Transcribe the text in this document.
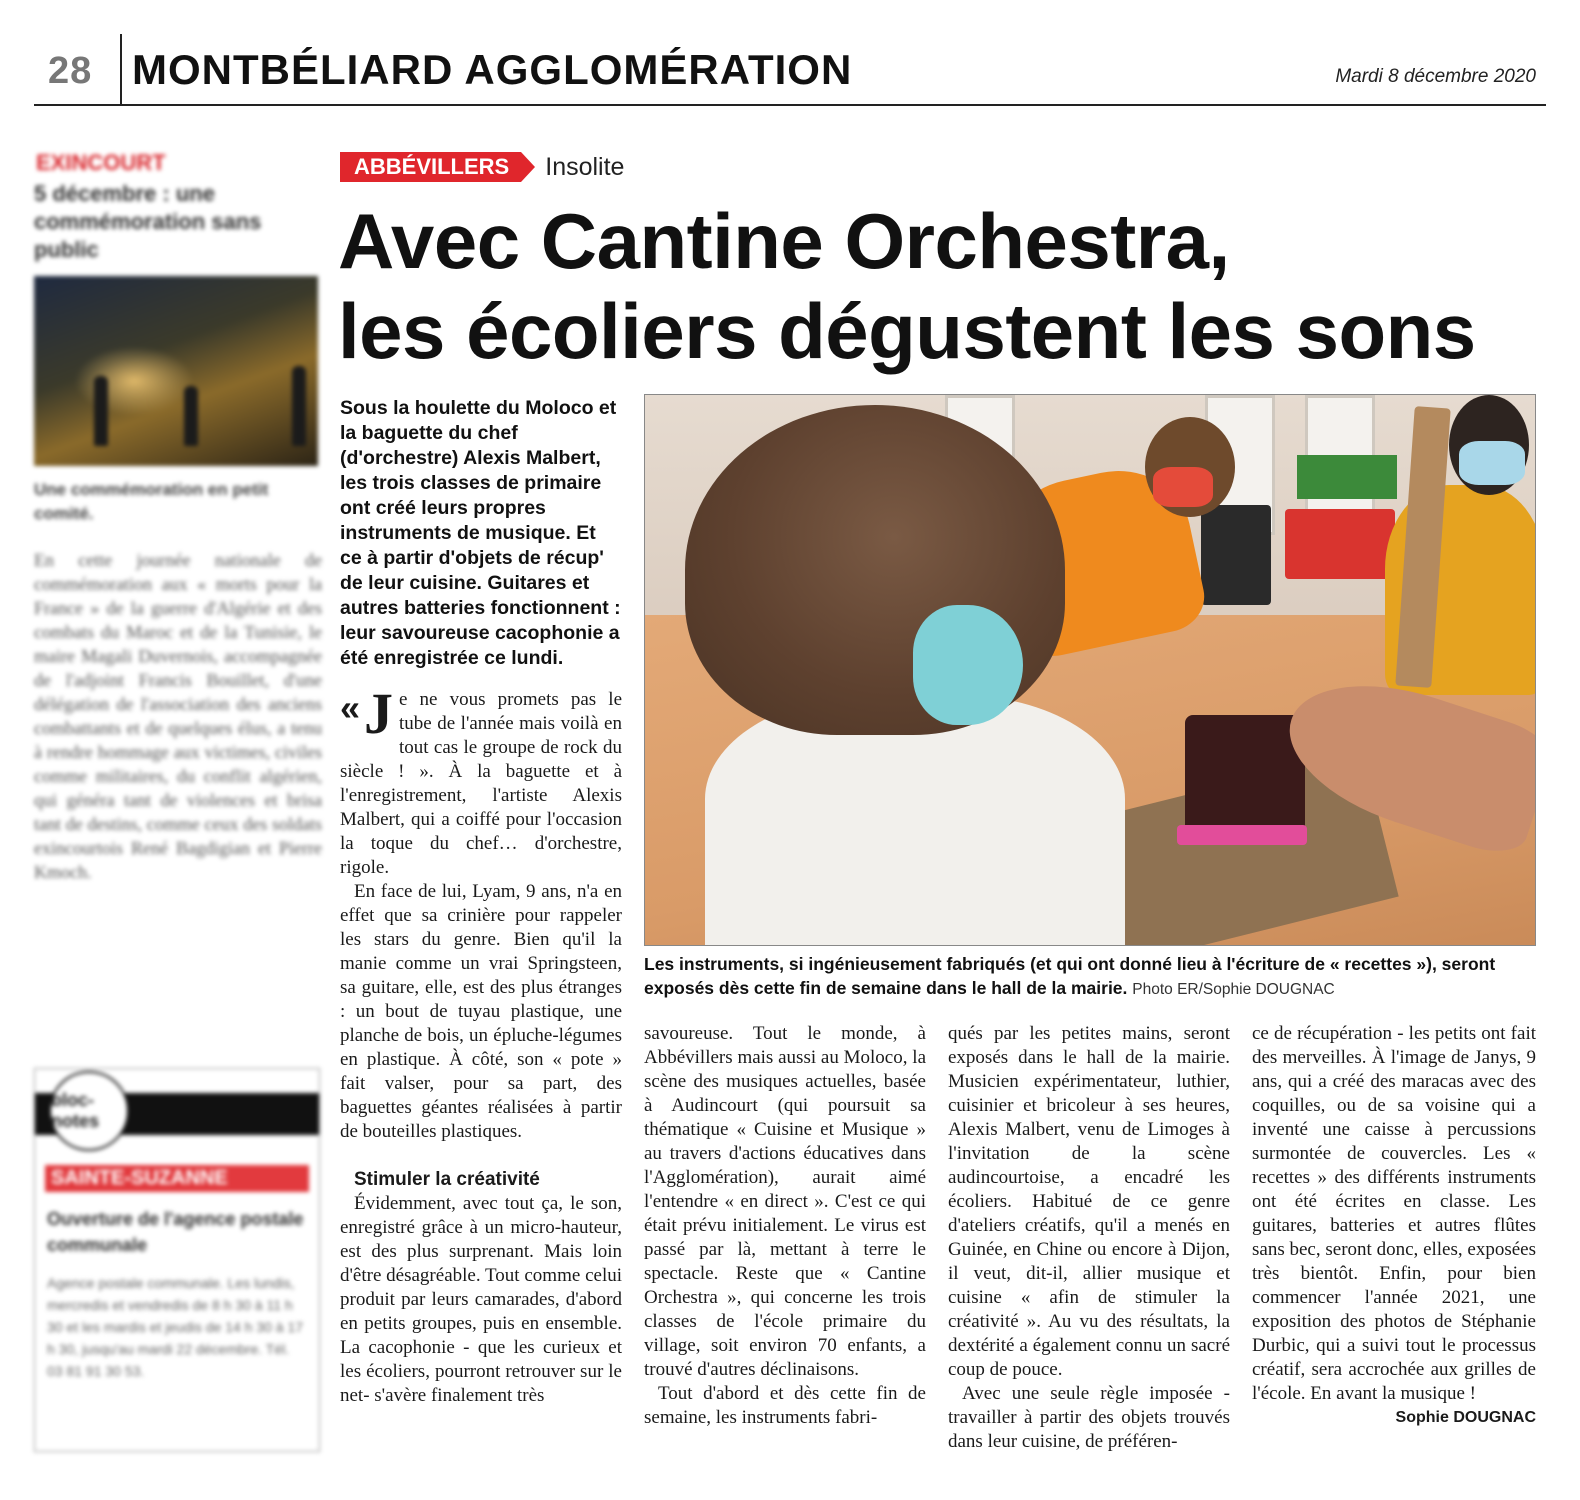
28 MONTBÉLIARD AGGLOMÉRATION	Mardi 8 décembre 2020
EXINCOURT
5 décembre : une commémoration sans public
Une commémoration en petit comité.
En cette journée nationale de commémoration aux « morts pour la France » de la guerre d'Algérie et des combats du Maroc et de la Tunisie, le maire Magali Duvernois, accompagnée de l'adjoint Francis Bouillet, d'une délégation de l'association des anciens combattants et de quelques élus, a tenu à rendre hommage aux victimes, civiles comme militaires, du conflit algérien, qui généra tant de violences et brisa tant de destins, comme ceux des soldats exincourtois René Bagdigian et Pierre Kmoch.
bloc-notes
SAINTE-SUZANNE
Ouverture de l'agence postale communale
Agence postale communale. Les lundis, mercredis et vendredis de 8 h 30 à 11 h 30 et les mardis et jeudis de 14 h 30 à 17 h 30, jusqu'au mardi 22 décembre. Tél. 03 81 91 30 53.
ABBÉVILLERS	Insolite
Avec Cantine Orchestra,
les écoliers dégustent les sons
Sous la houlette du Moloco et la baguette du chef (d'orchestre) Alexis Malbert, les trois classes de primaire ont créé leurs propres instruments de musique. Et ce à partir d'objets de récup' de leur cuisine. Guitares et autres batteries fonctionnent : leur savoureuse cacophonie a été enregistrée ce lundi.

« J e ne vous promets pas le tube de l'année mais voilà en tout cas le groupe de rock du siècle ! ». À la baguette et à l'enregistrement, l'artiste Alexis Malbert, qui a coiffé pour l'occasion la toque du chef… d'orchestre, rigole.

En face de lui, Lyam, 9 ans, n'a en effet que sa crinière pour rappeler les stars du genre. Bien qu'il la manie comme un vrai Springsteen, sa guitare, elle, est des plus étranges : un bout de tuyau plastique, une planche de bois, un épluche-légumes en plastique. À côté, son « pote » fait valser, pour sa part, des baguettes géantes réalisées à partir de bouteilles plastiques.

Stimuler la créativité

Évidemment, avec tout ça, le son, enregistré grâce à un micro-hauteur, est des plus surprenant. Mais loin d'être désagréable. Tout comme celui produit par leurs camarades, d'abord en petits groupes, puis en ensemble. La cacophonie - que les curieux et les écoliers, pourront retrouver sur le net- s'avère finalement très

Les instruments, si ingénieusement fabriqués (et qui ont donné lieu à l'écriture de « recettes »), seront exposés dès cette fin de semaine dans le hall de la mairie. Photo ER/Sophie DOUGNAC

savoureuse. Tout le monde, à Abbévillers mais aussi au Moloco, la scène des musiques actuelles, basée à Audincourt (qui poursuit sa thématique « Cuisine et Musique » au travers d'actions éducatives dans l'Agglomération), aurait aimé l'entendre « en direct ». C'est ce qui était prévu initialement. Le virus est passé par là, mettant à terre le spectacle. Reste que « Cantine Orchestra », qui concerne les trois classes de l'école primaire du village, soit environ 70 enfants, a trouvé d'autres déclinaisons.

Tout d'abord et dès cette fin de semaine, les instruments fabri-

qués par les petites mains, seront exposés dans le hall de la mairie. Musicien expérimentateur, luthier, cuisinier et bricoleur à ses heures, Alexis Malbert, venu de Limoges à l'invitation de la scène audincourtoise, a encadré les écoliers. Habitué de ce genre d'ateliers créatifs, qu'il a menés en Guinée, en Chine ou encore à Dijon, il veut, dit-il, allier musique et cuisine « afin de stimuler la créativité ». Au vu des résultats, la dextérité a également connu un sacré coup de pouce.

Avec une seule règle imposée - travailler à partir des objets trouvés dans leur cuisine, de préféren-

ce de récupération - les petits ont fait des merveilles. À l'image de Janys, 9 ans, qui a créé des maracas avec des coquilles, ou de sa voisine qui a inventé une caisse à percussions surmontée de couvercles. Les « recettes » des différents instruments ont été écrites en classe. Les guitares, batteries et autres flûtes sans bec, seront donc, elles, exposées très bientôt. Enfin, pour bien commencer l'année 2021, une exposition des photos de Stéphanie Durbic, qui a suivi tout le processus créatif, sera accrochée aux grilles de l'école. En avant la musique !

Sophie DOUGNAC
